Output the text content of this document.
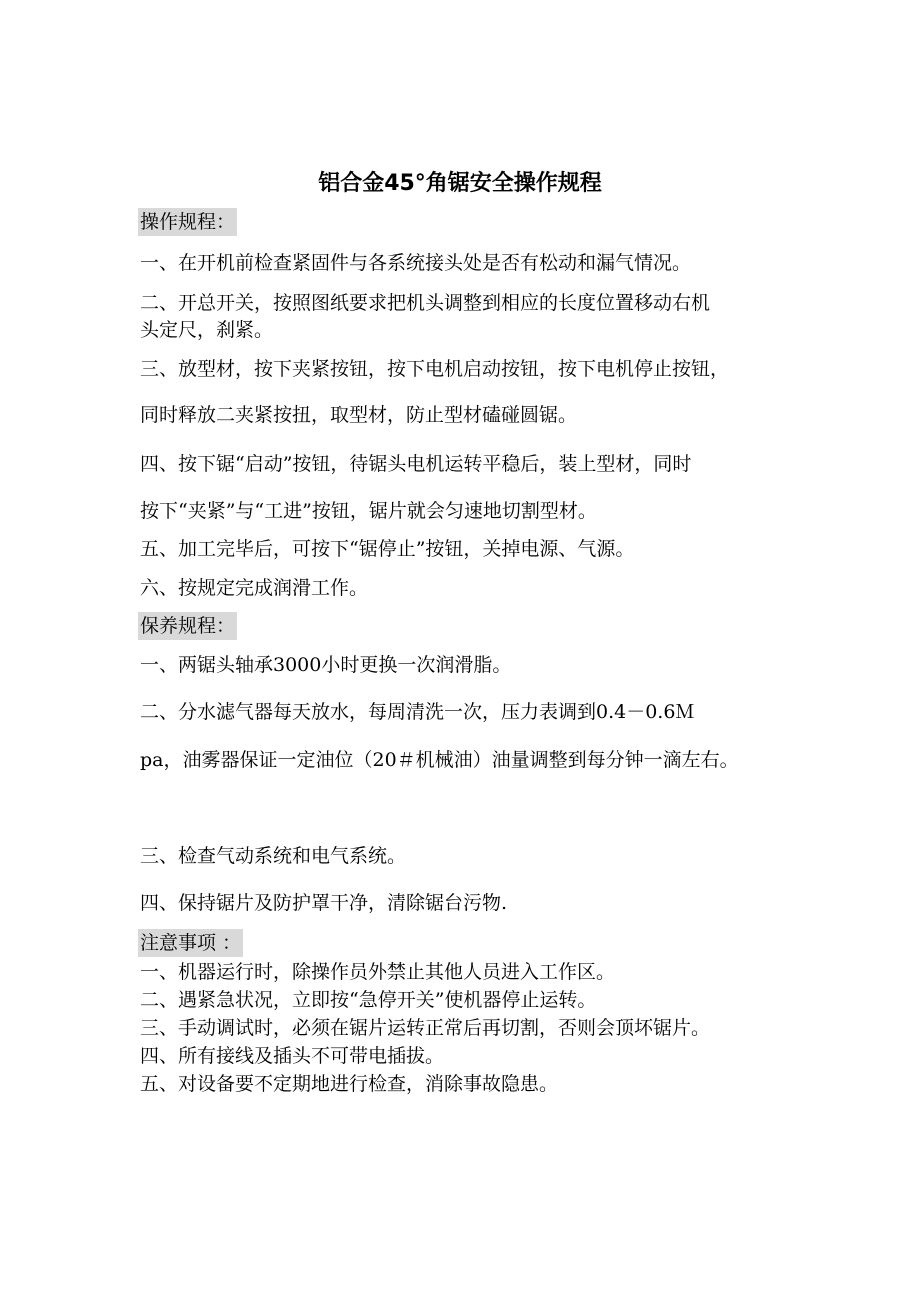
铝合金45°角锯安全操作规程
操作规程：
一、在开机前检查紧固件与各系统接头处是否有松动和漏气情况。
二、开总开关，按照图纸要求把机头调整到相应的长度位置移动右机
头定尺，刹紧。
三、放型材，按下夹紧按钮，按下电机启动按钮，按下电机停止按钮，
同时释放二夹紧按扭，取型材，防止型材磕碰圆锯。
四、按下锯“启动”按钮，待锯头电机运转平稳后，装上型材，同时
按下“夹紧”与“工进”按钮，锯片就会匀速地切割型材。
五、加工完毕后，可按下“锯停止”按钮，关掉电源、气源。
六、按规定完成润滑工作。
保养规程：
一、两锯头轴承3000小时更换一次润滑脂。
二、分水滤气器每天放水，每周清洗一次，压力表调到0.4－0.6Ｍ
pa，油雾器保证一定油位（20＃机械油）油量调整到每分钟一滴左右。
三、检查气动系统和电气系统。
四、保持锯片及防护罩干净，清除锯台污物.
注意事项 ：
一、机器运行时，除操作员外禁止其他人员进入工作区。
二、遇紧急状况，立即按“急停开关”使机器停止运转。
三、手动调试时，必须在锯片运转正常后再切割，否则会顶坏锯片。
四、所有接线及插头不可带电插拔。
五、对设备要不定期地进行检查，消除事故隐患。
